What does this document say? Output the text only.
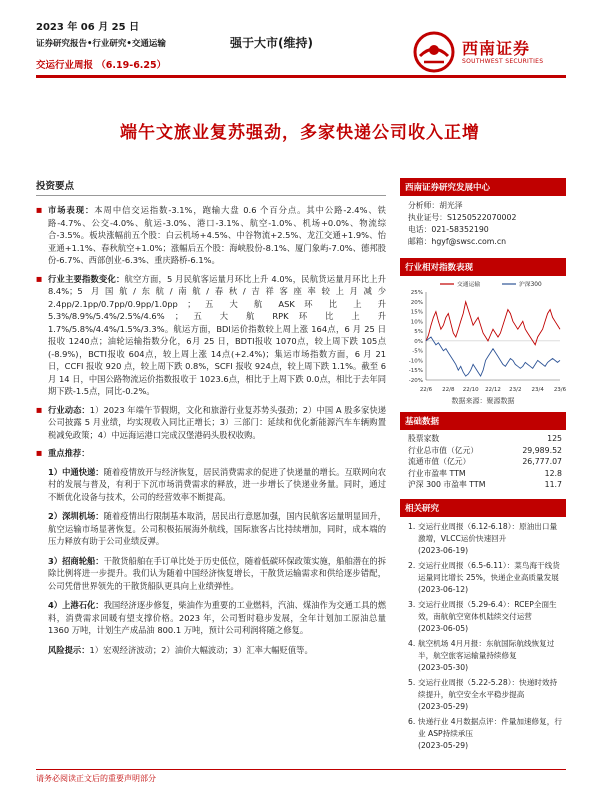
2023 年 06 月 25 日
证券研究报告•行业研究•交通运输
交运行业周报 （6.19-6.25）
强于大市(维持)	西南证券
SOUTHWEST SECURITIES
端午文旅业复苏强劲，多家快递公司收入正增
投资要点
■ 市场表现：本周中信交运指数-3.1%，跑输大盘 0.6 个百分点。其中公路-2.4%、铁路-4.7%、公交-4.0%、航运-3.0%、港口-3.1%、航空-1.0%、机场+0.0%、物流综合-3.5%。板块涨幅前五个股：白云机场+4.5%、中谷物流+2.5%、龙江交通+1.9%、怡亚通+1.1%、春秋航空+1.0%；涨幅后五个股：海峡股份-8.1%、厦门象屿-7.0%、德邦股份-6.7%、西部创业-6.3%、重庆路桥-6.1%。
■ 行业主要指数变化：航空方面，5 月民航客运量月环比上升 4.0%，民航货运量月环比上升 8.4%；5 月国航/东航/南航/春秋/吉祥客座率较上月减少 2.4pp/2.1pp/0.7pp/0.9pp/1.0pp ； 五 大 航 ASK 环 比 上 升 5.3%/8.9%/5.4%/2.5%/4.6% ； 五 大 航 RPK 环 比 上 升 1.7%/5.8%/4.4%/1.5%/3.3%。航运方面，BDI运价指数较上周上涨 164点，6 月 25 日报收 1240点；油轮运输指数分化，6月 25 日，BDTI报收 1070点，较上周下跌 105点(-8.9%)，BCTI报收 604点，较上周上涨 14点(+2.4%)；集运市场指数方面，6 月 21 日，CCFI 报收 920 点，较上周下跌 0.8%，SCFI 报收 924点，较上周下跌 1.1%。截至 6 月 14 日，中国公路物流运价指数报收于 1023.6点，相比于上周下跌 0.0点，相比于去年同期下跌-1.5点，同比-0.2%。
■ 行业动态：1）2023 年端午节假期，文化和旅游行业复苏势头强劲；2）中国 A 股多家快递公司披露 5 月业绩，均实现收入同比正增长；3）三部门：延续和优化新能源汽车车辆购置税减免政策；4）中远海运港口完成汉堡港码头股权收购。
■ 重点推荐：
1）中通快递：随着疫情放开与经济恢复，居民消费需求的促进了快递量的增长。互联网向农村的发展与普及，有利于下沉市场消费需求的释放，进一步增长了快递业务量。同时，通过不断优化设备与技术，公司的经营效率不断提高。
2）深圳机场：随着疫情出行限制基本取消，居民出行意愿加强，国内民航客运量明显回升，航空运输市场显著恢复。公司积极拓展海外航线，国际旅客占比持续增加，同时，成本端的压力释放有助于公司业绩反弹。
3）招商轮船：干散货船舶在手订单比处于历史低位，随着低碳环保政策实施，船舶潜在的拆除比例将进一步提升。我们认为随着中国经济恢复增长，干散货运输需求和供给逐步错配，公司凭借世界领先的干散货船队更具向上业绩弹性。
4）上港石化：我国经济逐步修复，柴油作为重要的工业燃料，汽油、煤油作为交通工具的燃料，消费需求回暖有望支撑价格。2023 年，公司暂时稳步发展，全年计划加工原油总量 1360 万吨，计划生产成品油 800.1 万吨，预计公司利润将随之修复。
风险提示：1）宏观经济波动；2）油价大幅波动；3）汇率大幅贬值等。
西南证券研究发展中心
分析师：胡光泽
执业证号：S1250522070002
电话：021-58352190
邮箱：hgyf@swsc.com.cn
行业相对指数表现
25%
20%
15%
10%
5%
0%
-5%
-10%
-15%
-20%
22/6 22/8 22/10 22/12 23/2 23/4 23/6
交通运输	沪深300
数据来源：聚源数据
基础数据
股票家数	125
行业总市值（亿元）	29,989.52
流通市值（亿元）	26,777.07
行业市盈率 TTM	12.8
沪深 300 市盈率 TTM	11.7
相关研究
1. 交运行业周报（6.12-6.18）：原油出口量激增，VLCC运价快速回升
(2023-06-19)
2. 交运行业周报（6.5-6.11）：菜鸟海干线货运量同比增长 25%，快递企业高质量发展
(2023-06-12)
3. 交运行业周报（5.29-6.4）：RCEP全面生效，南航航空宽体机陆续交付运营
(2023-06-05)
4. 航空机场 4月月报：东航国际航线恢复过半，航空旅客运输量持续修复
(2023-05-30)
5. 交运行业周报（5.22-5.28）：快递时效持续提升，航空安全水平稳步提高
(2023-05-29)
6. 快递行业 4月数据点评：件量加速修复，行业 ASP持续承压
(2023-05-29)
请务必阅读正文后的重要声明部分
